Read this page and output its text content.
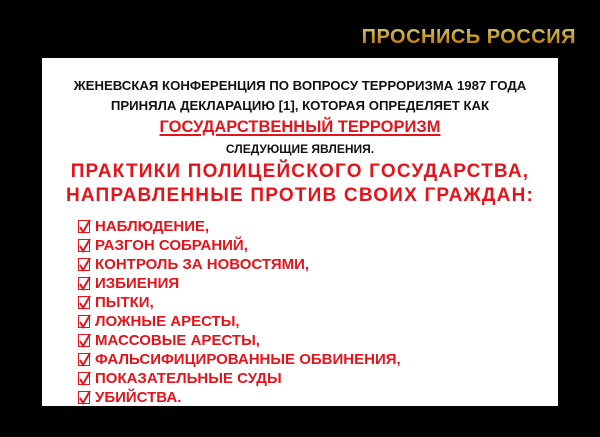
ПРОСНИСЬ РОССИЯ
ЖЕНЕВСКАЯ КОНФЕРЕНЦИЯ ПО ВОПРОСУ ТЕРРОРИЗМА 1987 ГОДА
ПРИНЯЛА ДЕКЛАРАЦИЮ [1], КОТОРАЯ ОПРЕДЕЛЯЕТ КАК
ГОСУДАРСТВЕННЫЙ ТЕРРОРИЗМ
СЛЕДУЮЩИЕ ЯВЛЕНИЯ.
ПРАКТИКИ ПОЛИЦЕЙСКОГО ГОСУДАРСТВА,
НАПРАВЛЕННЫЕ ПРОТИВ СВОИХ ГРАЖДАН:
НАБЛЮДЕНИЕ,
РАЗГОН СОБРАНИЙ,
КОНТРОЛЬ ЗА НОВОСТЯМИ,
ИЗБИЕНИЯ
ПЫТКИ,
ЛОЖНЫЕ АРЕСТЫ,
МАССОВЫЕ АРЕСТЫ,
ФАЛЬСИФИЦИРОВАННЫЕ ОБВИНЕНИЯ,
ПОКАЗАТЕЛЬНЫЕ СУДЫ
УБИЙСТВА.
